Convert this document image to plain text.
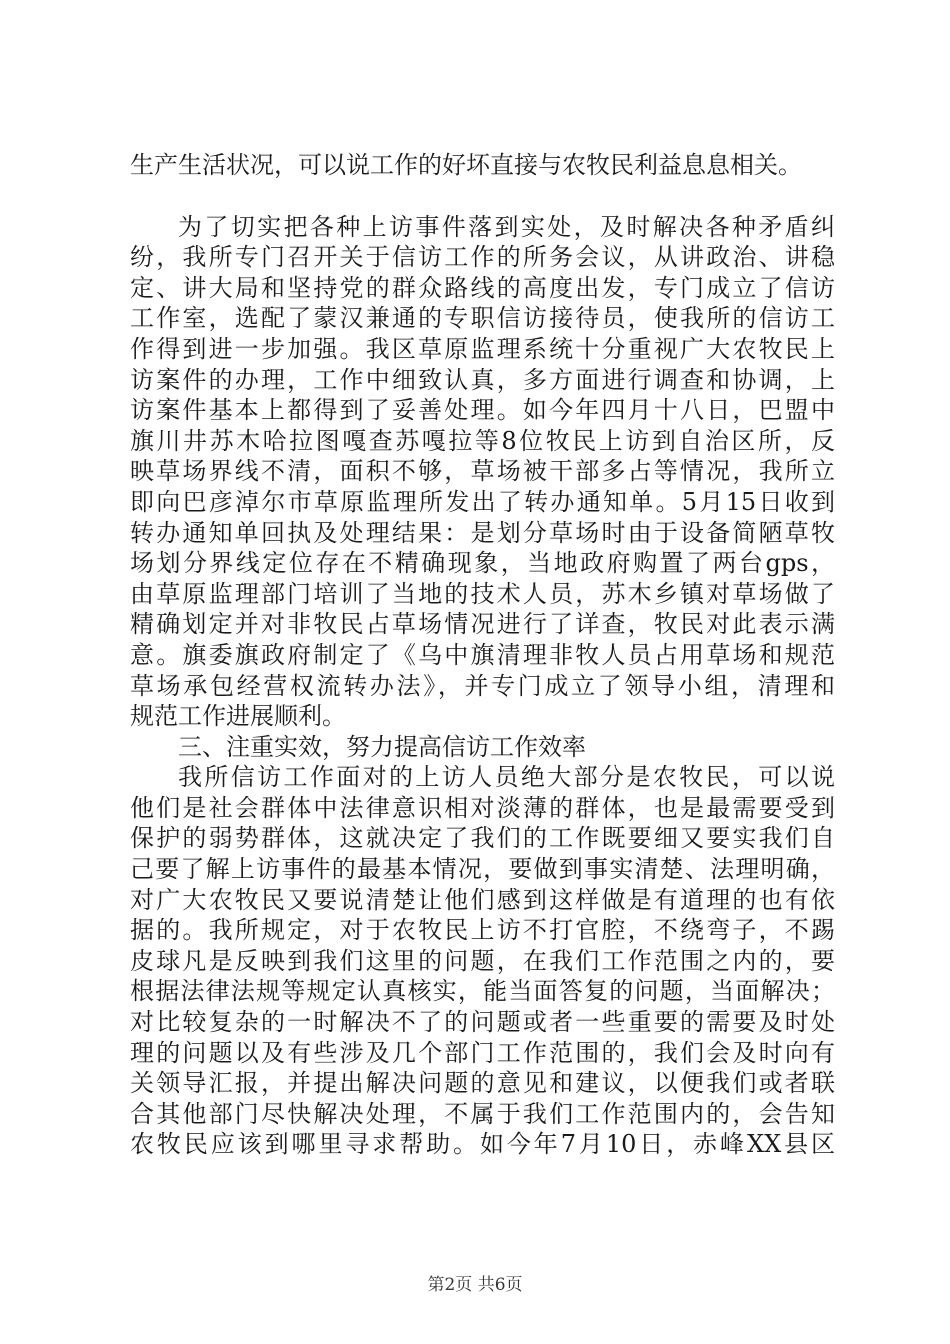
生产生活状况，可以说工作的好坏直接与农牧民利益息息相关。
为了切实把各种上访事件落到实处，及时解决各种矛盾纠
纷，我所专门召开关于信访工作的所务会议，从讲政治、讲稳
定、讲大局和坚持党的群众路线的高度出发，专门成立了信访
工作室，选配了蒙汉兼通的专职信访接待员，使我所的信访工
作得到进一步加强。我区草原监理系统十分重视广大农牧民上
访案件的办理，工作中细致认真，多方面进行调查和协调，上
访案件基本上都得到了妥善处理。如今年四月十八日，巴盟中
旗川井苏木哈拉图嘎查苏嘎拉等8位牧民上访到自治区所，反
映草场界线不清，面积不够，草场被干部多占等情况，我所立
即向巴彦淖尔市草原监理所发出了转办通知单。5月15日收到
转办通知单回执及处理结果：是划分草场时由于设备简陋草牧
场划分界线定位存在不精确现象，当地政府购置了两台gps，
由草原监理部门培训了当地的技术人员，苏木乡镇对草场做了
精确划定并对非牧民占草场情况进行了详查，牧民对此表示满
意。旗委旗政府制定了《乌中旗清理非牧人员占用草场和规范
草场承包经营权流转办法》，并专门成立了领导小组，清理和
规范工作进展顺利。
三、注重实效，努力提高信访工作效率
我所信访工作面对的上访人员绝大部分是农牧民，可以说
他们是社会群体中法律意识相对淡薄的群体，也是最需要受到
保护的弱势群体，这就决定了我们的工作既要细又要实我们自
己要了解上访事件的最基本情况，要做到事实清楚、法理明确，
对广大农牧民又要说清楚让他们感到这样做是有道理的也有依
据的。我所规定，对于农牧民上访不打官腔，不绕弯子，不踢
皮球凡是反映到我们这里的问题，在我们工作范围之内的，要
根据法律法规等规定认真核实，能当面答复的问题，当面解决；
对比较复杂的一时解决不了的问题或者一些重要的需要及时处
理的问题以及有些涉及几个部门工作范围的，我们会及时向有
关领导汇报，并提出解决问题的意见和建议，以便我们或者联
合其他部门尽快解决处理，不属于我们工作范围内的，会告知
农牧民应该到哪里寻求帮助。如今年7月10日，赤峰XX县区
第2页 共6页
